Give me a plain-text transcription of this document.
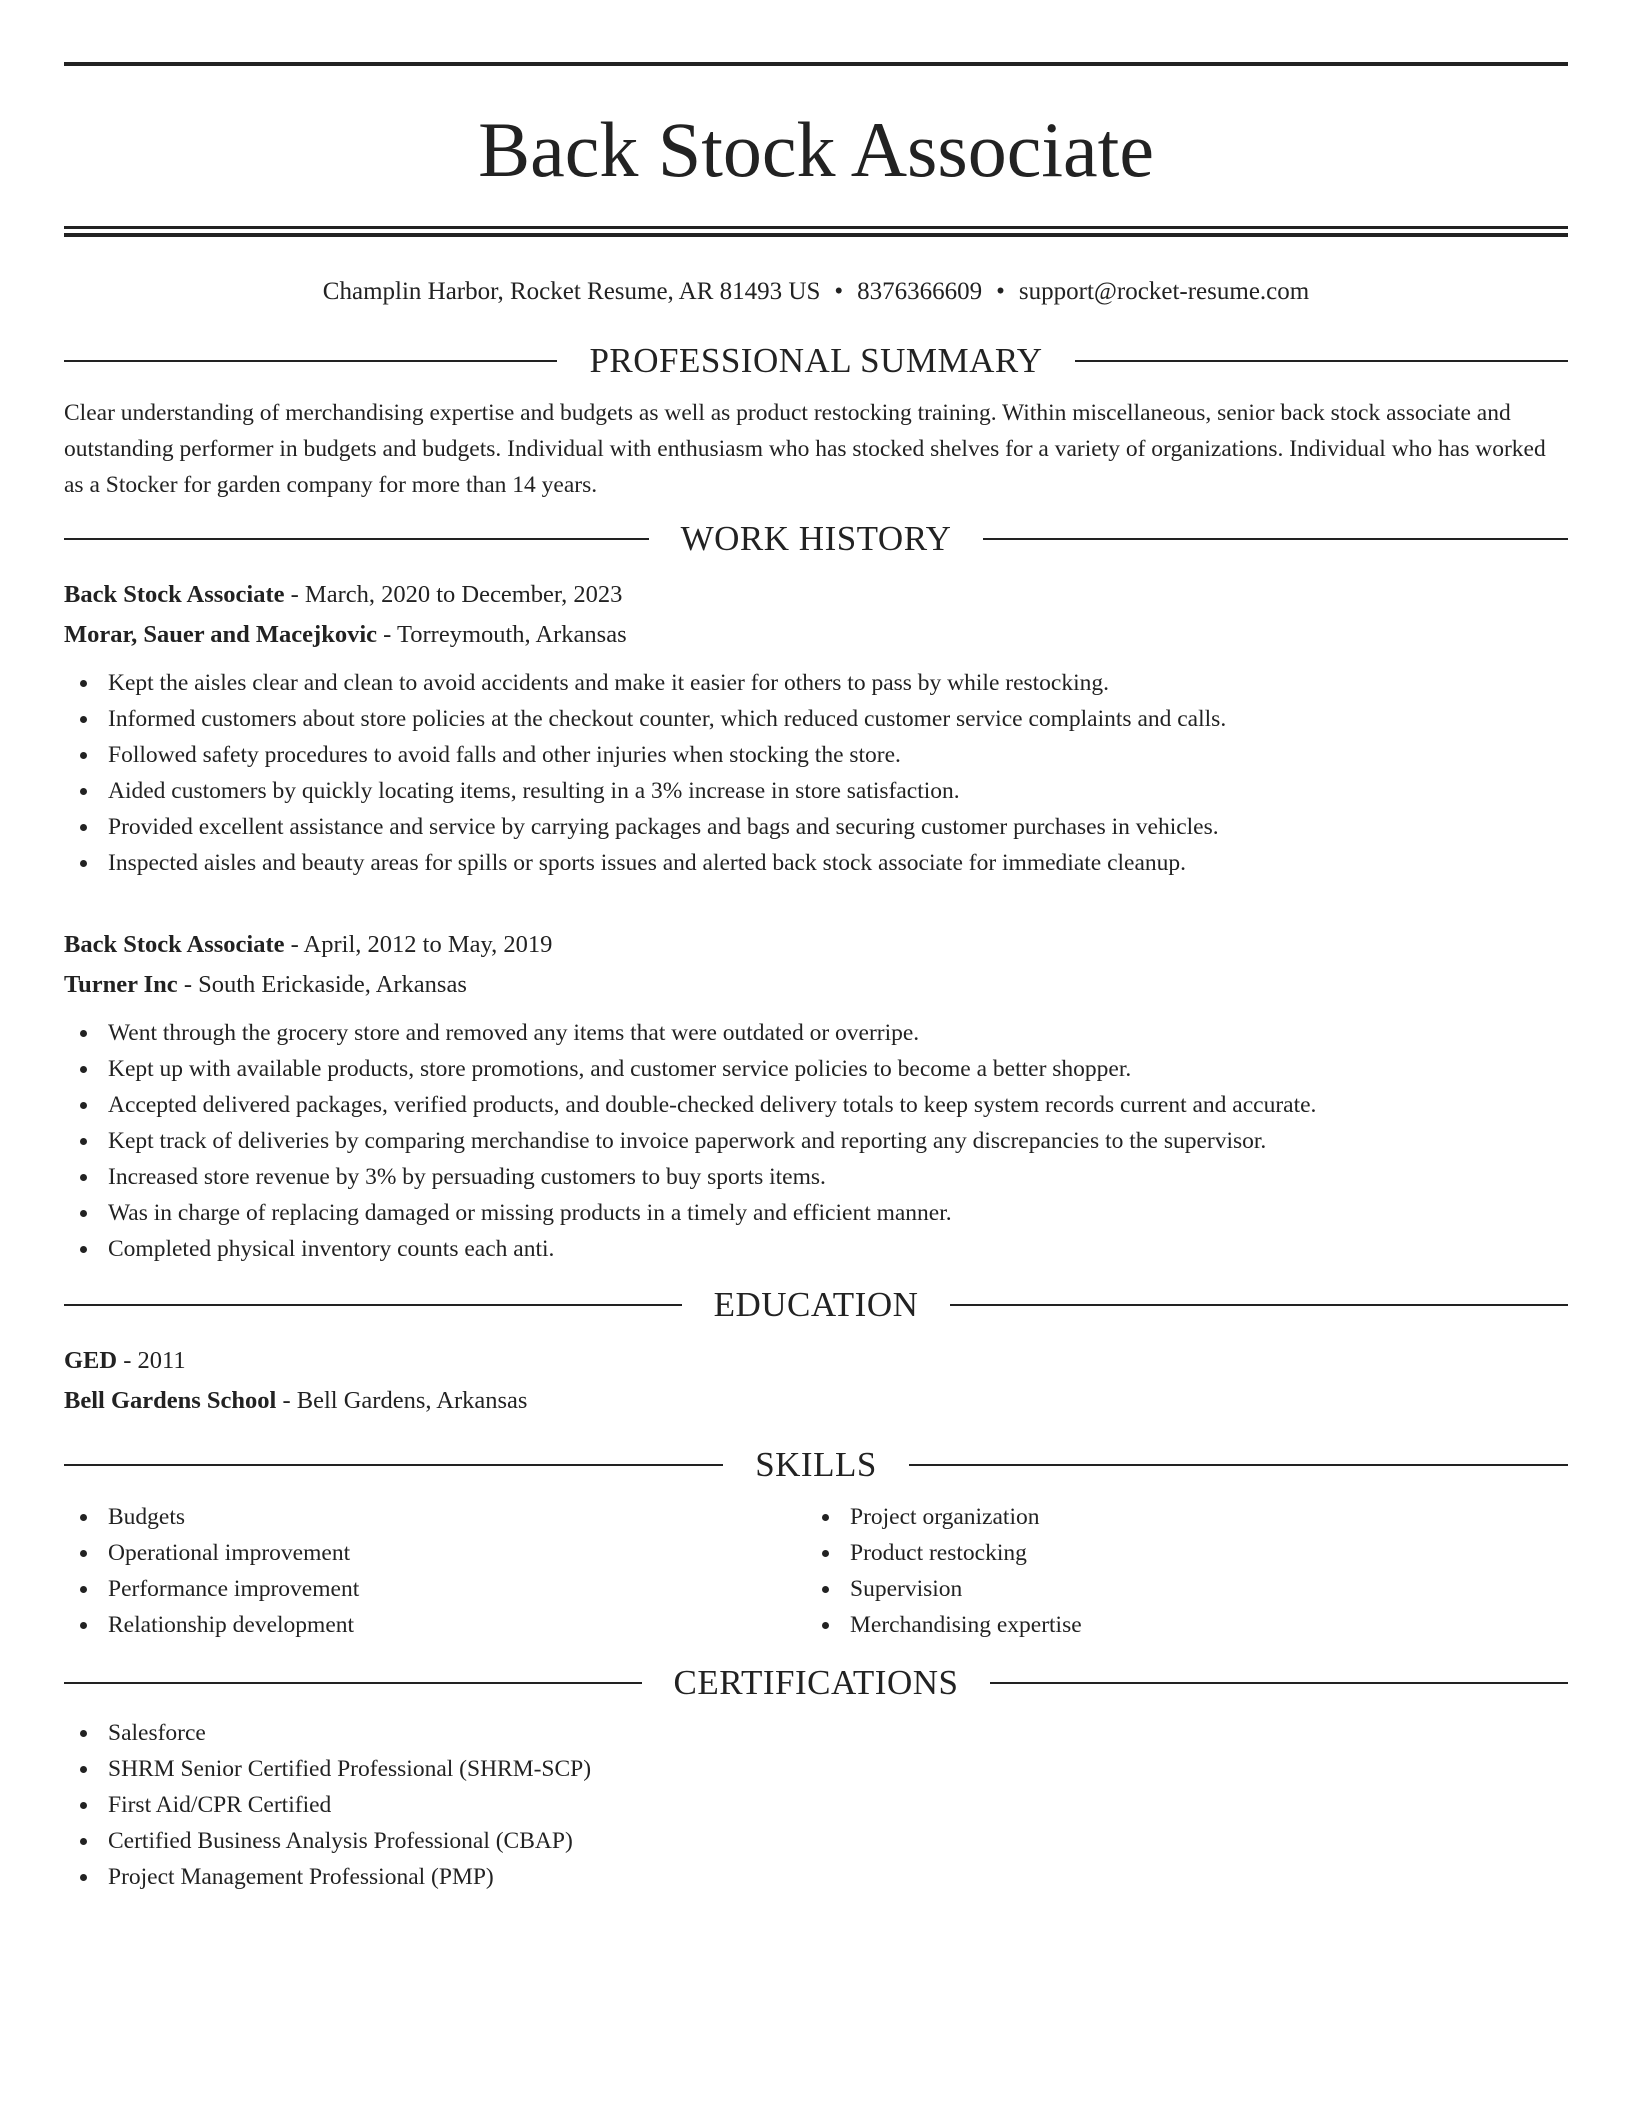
Back Stock Associate
Champlin Harbor, Rocket Resume, AR 81493 US • 8376366609 • support@rocket-resume.com
PROFESSIONAL SUMMARY

Clear understanding of merchandising expertise and budgets as well as product restocking training. Within miscellaneous, senior back stock associate and outstanding performer in budgets and budgets. Individual with enthusiasm who has stocked shelves for a variety of organizations. Individual who has worked as a Stocker for garden company for more than 14 years.

WORK HISTORY
Back Stock Associate - March, 2020 to December, 2023
Morar, Sauer and Macejkovic - Torreymouth, Arkansas
Kept the aisles clear and clean to avoid accidents and make it easier for others to pass by while restocking.
Informed customers about store policies at the checkout counter, which reduced customer service complaints and calls.
Followed safety procedures to avoid falls and other injuries when stocking the store.
Aided customers by quickly locating items, resulting in a 3% increase in store satisfaction.
Provided excellent assistance and service by carrying packages and bags and securing customer purchases in vehicles.
Inspected aisles and beauty areas for spills or sports issues and alerted back stock associate for immediate cleanup.
Back Stock Associate - April, 2012 to May, 2019
Turner Inc - South Erickaside, Arkansas
Went through the grocery store and removed any items that were outdated or overripe.
Kept up with available products, store promotions, and customer service policies to become a better shopper.
Accepted delivered packages, verified products, and double-checked delivery totals to keep system records current and accurate.
Kept track of deliveries by comparing merchandise to invoice paperwork and reporting any discrepancies to the supervisor.
Increased store revenue by 3% by persuading customers to buy sports items.
Was in charge of replacing damaged or missing products in a timely and efficient manner.
Completed physical inventory counts each anti.
EDUCATION
GED - 2011
Bell Gardens School - Bell Gardens, Arkansas
SKILLS
Budgets
Operational improvement
Performance improvement
Relationship development
Project organization
Product restocking
Supervision
Merchandising expertise
CERTIFICATIONS
Salesforce
SHRM Senior Certified Professional (SHRM-SCP)
First Aid/CPR Certified
Certified Business Analysis Professional (CBAP)
Project Management Professional (PMP)
